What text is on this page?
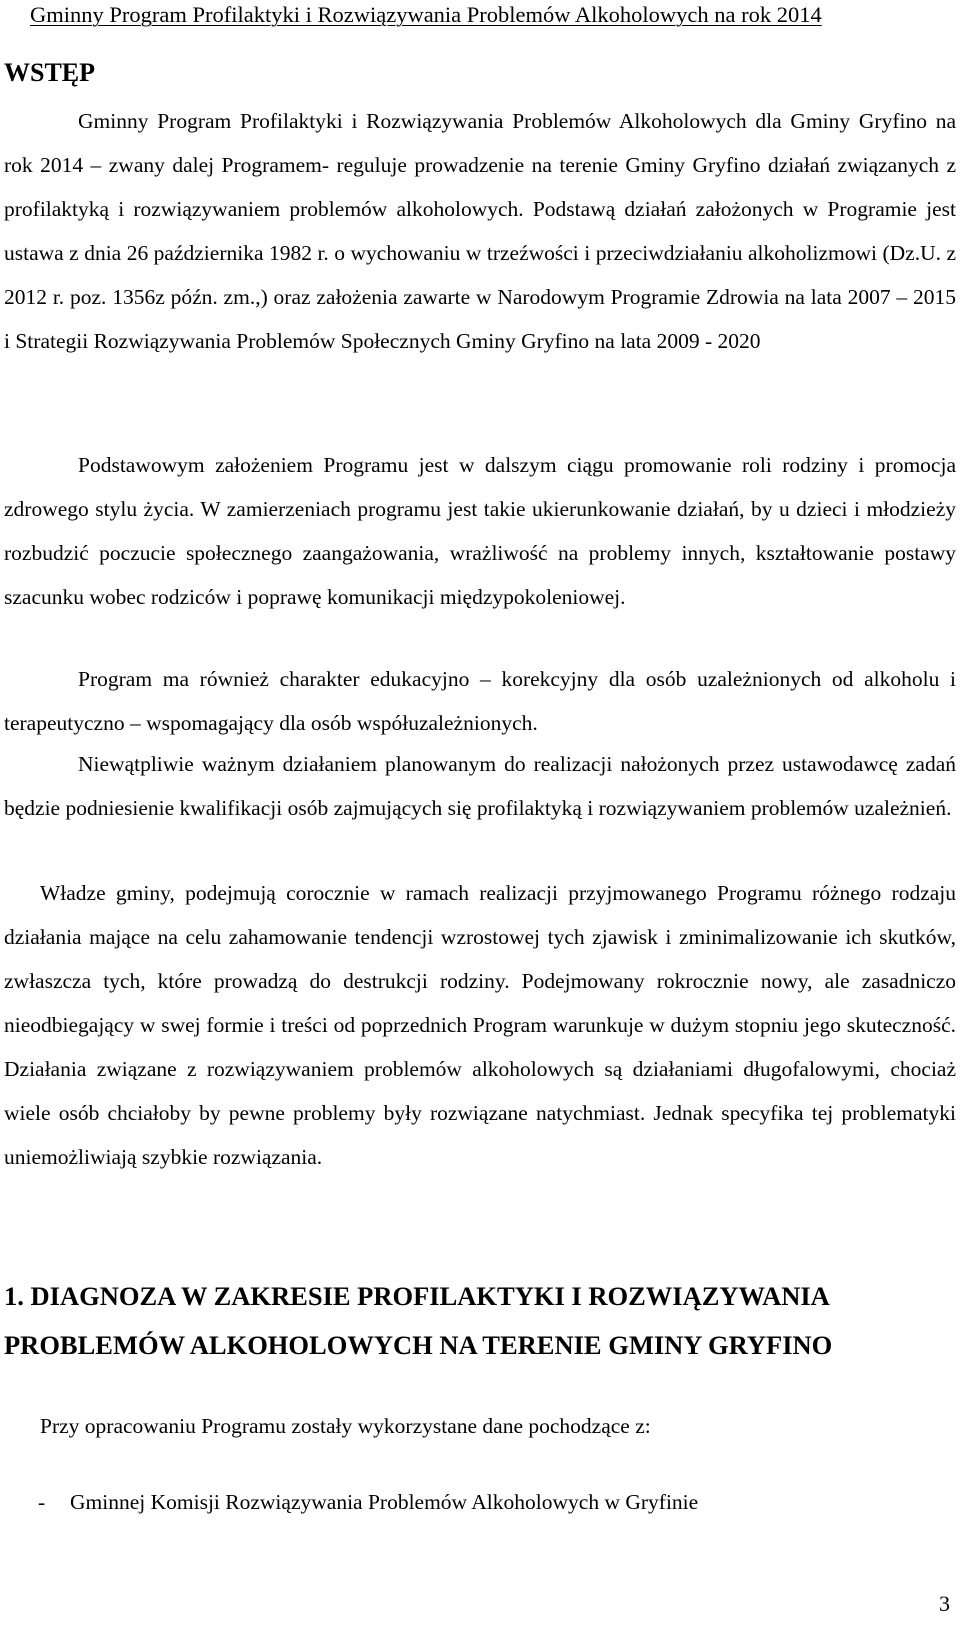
Gminny Program Profilaktyki i Rozwiązywania Problemów Alkoholowych na rok 2014
WSTĘP

Gminny Program Profilaktyki i Rozwiązywania Problemów Alkoholowych dla Gminy Gryfino na rok 2014 – zwany dalej Programem- reguluje prowadzenie na terenie Gminy Gryfino działań związanych z profilaktyką i rozwiązywaniem problemów alkoholowych. Podstawą działań założonych w Programie jest ustawa z dnia 26 października 1982 r. o wychowaniu w trzeźwości i przeciwdziałaniu alkoholizmowi (Dz.U. z 2012 r. poz. 1356z późn. zm.,) oraz założenia zawarte w Narodowym Programie Zdrowia na lata 2007 – 2015 i Strategii Rozwiązywania Problemów Społecznych Gminy Gryfino na lata 2009 - 2020

Podstawowym założeniem Programu jest w dalszym ciągu promowanie roli rodziny i promocja zdrowego stylu życia. W zamierzeniach programu jest takie ukierunkowanie działań, by u dzieci i młodzieży rozbudzić poczucie społecznego zaangażowania, wrażliwość na problemy innych, kształtowanie postawy szacunku wobec rodziców i poprawę komunikacji międzypokoleniowej.

Program ma również charakter edukacyjno – korekcyjny dla osób uzależnionych od alkoholu i terapeutyczno – wspomagający dla osób współuzależnionych.

Niewątpliwie ważnym działaniem planowanym do realizacji nałożonych przez ustawodawcę zadań będzie podniesienie kwalifikacji osób zajmujących się profilaktyką i rozwiązywaniem problemów uzależnień.

Władze gminy, podejmują corocznie w ramach realizacji przyjmowanego Programu różnego rodzaju działania mające na celu zahamowanie tendencji wzrostowej tych zjawisk i zminimalizowanie ich skutków, zwłaszcza tych, które prowadzą do destrukcji rodziny. Podejmowany rokrocznie nowy, ale zasadniczo nieodbiegający w swej formie i treści od poprzednich Program warunkuje w dużym stopniu jego skuteczność. Działania związane z rozwiązywaniem problemów alkoholowych są działaniami długofalowymi, chociaż wiele osób chciałoby by pewne problemy były rozwiązane natychmiast. Jednak specyfika tej problematyki uniemożliwiają szybkie rozwiązania.

1. DIAGNOZA W ZAKRESIE PROFILAKTYKI I ROZWIĄZYWANIA PROBLEMÓW ALKOHOLOWYCH NA TERENIE GMINY GRYFINO

Przy opracowaniu Programu zostały wykorzystane dane pochodzące z:

- Gminnej Komisji Rozwiązywania Problemów Alkoholowych w Gryfinie

3
